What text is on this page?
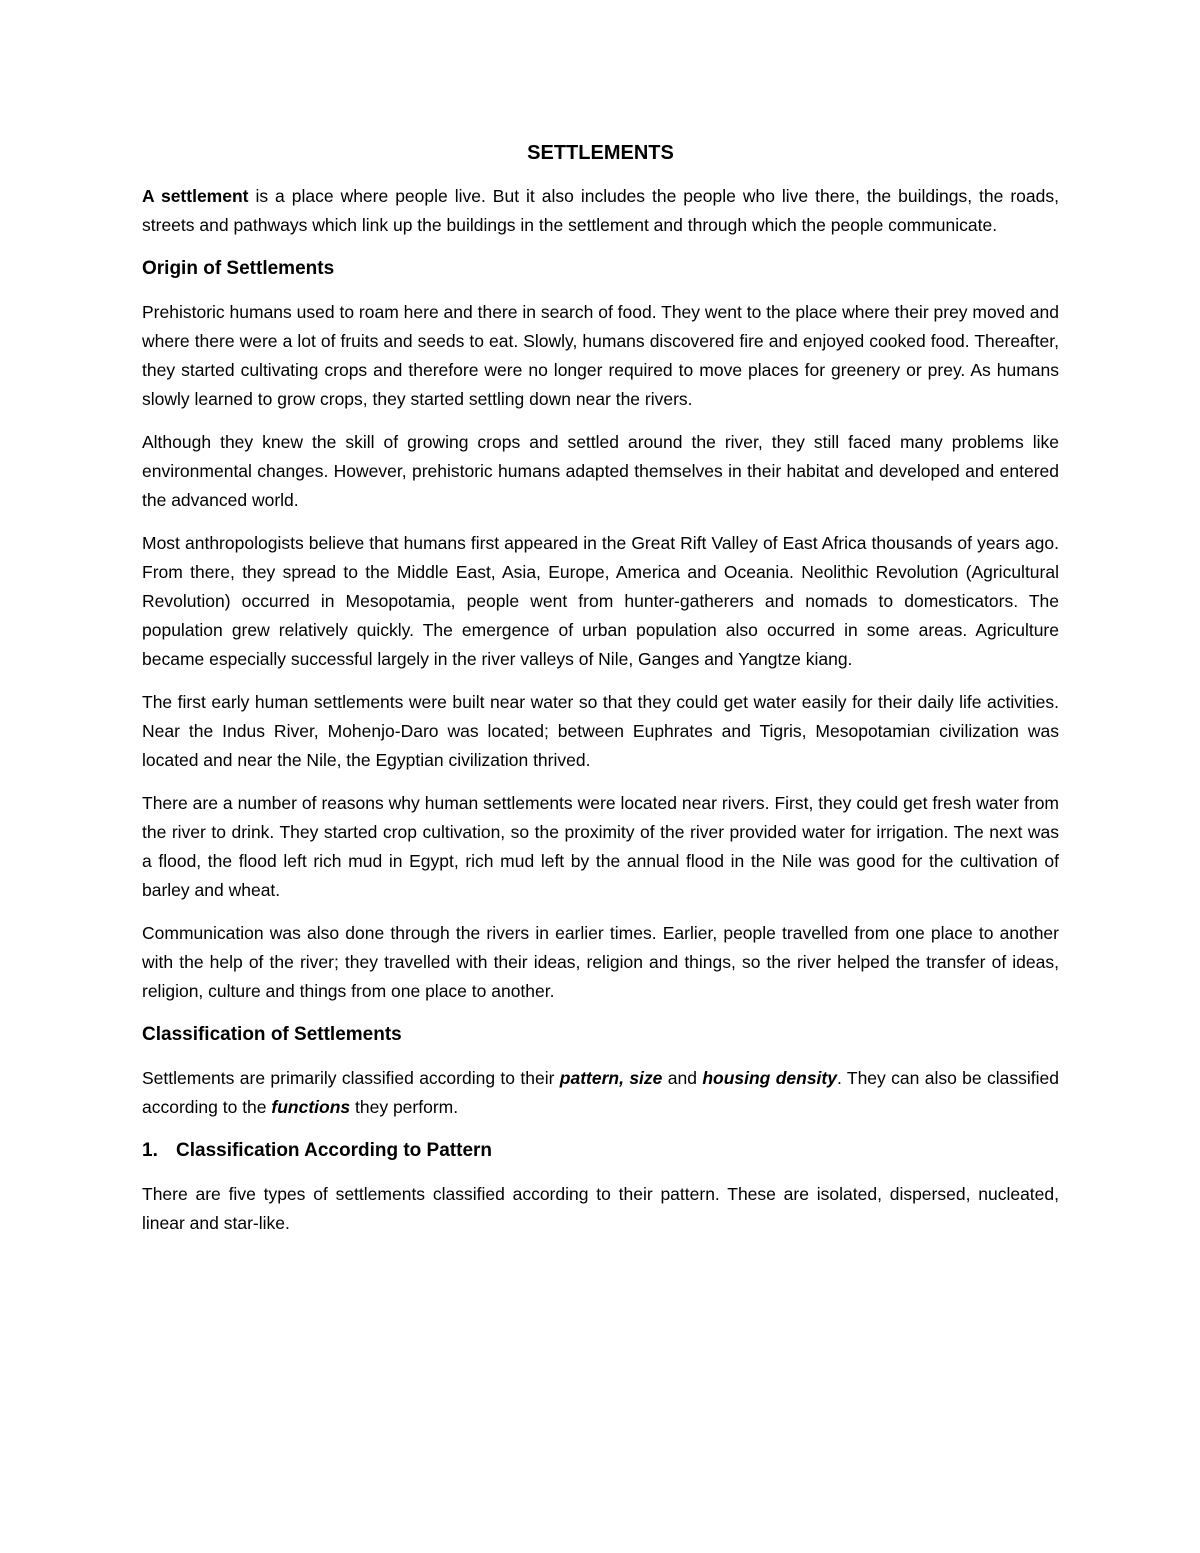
SETTLEMENTS

A settlement is a place where people live. But it also includes the people who live there, the buildings, the roads, streets and pathways which link up the buildings in the settlement and through which the people communicate.

Origin of Settlements

Prehistoric humans used to roam here and there in search of food. They went to the place where their prey moved and where there were a lot of fruits and seeds to eat. Slowly, humans discovered fire and enjoyed cooked food. Thereafter, they started cultivating crops and therefore were no longer required to move places for greenery or prey. As humans slowly learned to grow crops, they started settling down near the rivers.

Although they knew the skill of growing crops and settled around the river, they still faced many problems like environmental changes. However, prehistoric humans adapted themselves in their habitat and developed and entered the advanced world.

Most anthropologists believe that humans first appeared in the Great Rift Valley of East Africa thousands of years ago. From there, they spread to the Middle East, Asia, Europe, America and Oceania. Neolithic Revolution (Agricultural Revolution) occurred in Mesopotamia, people went from hunter-gatherers and nomads to domesticators. The population grew relatively quickly. The emergence of urban population also occurred in some areas. Agriculture became especially successful largely in the river valleys of Nile, Ganges and Yangtze kiang.

The first early human settlements were built near water so that they could get water easily for their daily life activities. Near the Indus River, Mohenjo-Daro was located; between Euphrates and Tigris, Mesopotamian civilization was located and near the Nile, the Egyptian civilization thrived.

There are a number of reasons why human settlements were located near rivers. First, they could get fresh water from the river to drink. They started crop cultivation, so the proximity of the river provided water for irrigation. The next was a flood, the flood left rich mud in Egypt, rich mud left by the annual flood in the Nile was good for the cultivation of barley and wheat.

Communication was also done through the rivers in earlier times. Earlier, people travelled from one place to another with the help of the river; they travelled with their ideas, religion and things, so the river helped the transfer of ideas, religion, culture and things from one place to another.

Classification of Settlements

Settlements are primarily classified according to their pattern, size and housing density. They can also be classified according to the functions they perform.

1. Classification According to Pattern

There are five types of settlements classified according to their pattern. These are isolated, dispersed, nucleated, linear and star-like.
